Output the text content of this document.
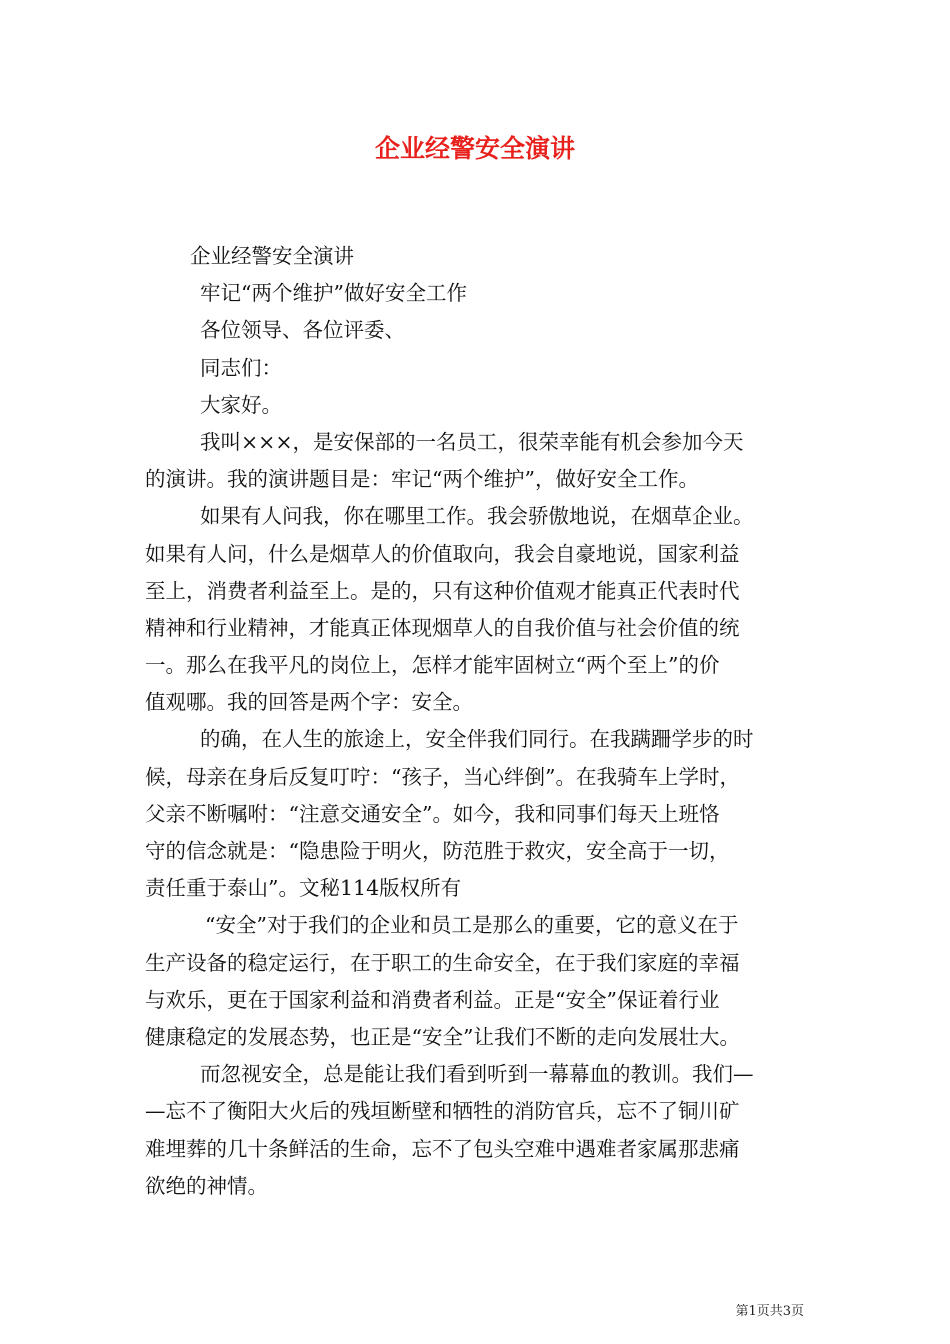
企业经警安全演讲
企业经警安全演讲
牢记“两个维护”做好安全工作
各位领导、各位评委、
同志们：
大家好。
我叫×××，是安保部的一名员工，很荣幸能有机会参加今天
的演讲。我的演讲题目是：牢记“两个维护”，做好安全工作。
如果有人问我，你在哪里工作。我会骄傲地说，在烟草企业。
如果有人问，什么是烟草人的价值取向，我会自豪地说，国家利益
至上，消费者利益至上。是的，只有这种价值观才能真正代表时代
精神和行业精神，才能真正体现烟草人的自我价值与社会价值的统
一。那么在我平凡的岗位上，怎样才能牢固树立“两个至上”的价
值观哪。我的回答是两个字：安全。
的确，在人生的旅途上，安全伴我们同行。在我蹒跚学步的时
候，母亲在身后反复叮咛：“孩子，当心绊倒”。在我骑车上学时，
父亲不断嘱咐：“注意交通安全”。如今，我和同事们每天上班恪
守的信念就是：“隐患险于明火，防范胜于救灾，安全高于一切，
责任重于泰山”。文秘114版权所有
“安全”对于我们的企业和员工是那么的重要，它的意义在于
生产设备的稳定运行，在于职工的生命安全，在于我们家庭的幸福
与欢乐，更在于国家利益和消费者利益。正是“安全”保证着行业
健康稳定的发展态势，也正是“安全”让我们不断的走向发展壮大。
而忽视安全，总是能让我们看到听到一幕幕血的教训。我们—
—忘不了衡阳大火后的残垣断壁和牺牲的消防官兵，忘不了铜川矿
难埋葬的几十条鲜活的生命，忘不了包头空难中遇难者家属那悲痛
欲绝的神情。
第1页共3页
